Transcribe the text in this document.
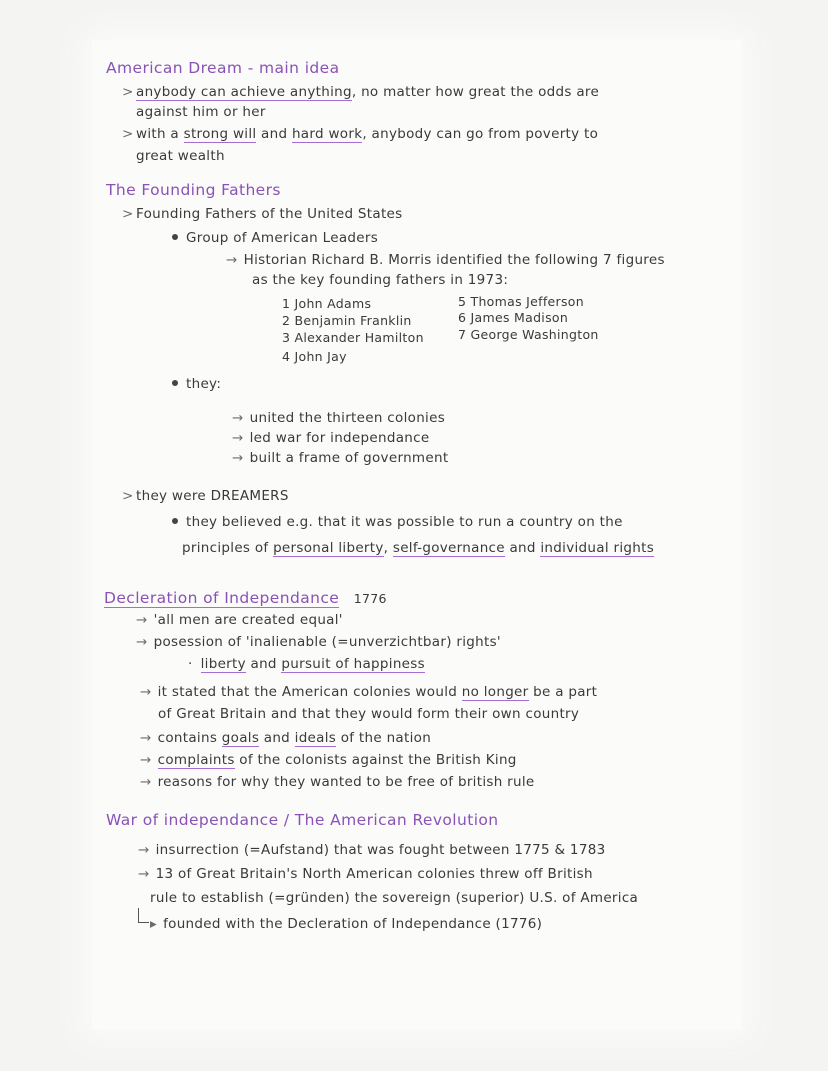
American Dream - main idea
> anybody can achieve anything, no matter how great the odds are
against him or her
> with a strong will and hard work, anybody can go from poverty to
great wealth
The Founding Fathers
> Founding Fathers of the United States
Group of American Leaders
→ Historian Richard B. Morris identified the following 7 figures
as the key founding fathers in 1973:
1 John Adams
2 Benjamin Franklin
3 Alexander Hamilton
4 John Jay
5 Thomas Jefferson
6 James Madison
7 George Washington
they:
→ united the thirteen colonies
→ led war for independance
→ built a frame of government
> they were DREAMERS
they believed e.g. that it was possible to run a country on the
principles of personal liberty, self-governance and individual rights
Decleration of Independance 1776
→ 'all men are created equal'
→ posession of 'inalienable (=unverzichtbar) rights'
· liberty and pursuit of happiness
→ it stated that the American colonies would no longer be a part
of Great Britain and that they would form their own country
→ contains goals and ideals of the nation
→ complaints of the colonists against the British King
→ reasons for why they wanted to be free of british rule
War of independance / The American Revolution
→ insurrection (=Aufstand) that was fought between 1775 & 1783
→ 13 of Great Britain's North American colonies threw off British
rule to establish (=gründen) the sovereign (superior) U.S. of America
▸ founded with the Decleration of Independance (1776)
